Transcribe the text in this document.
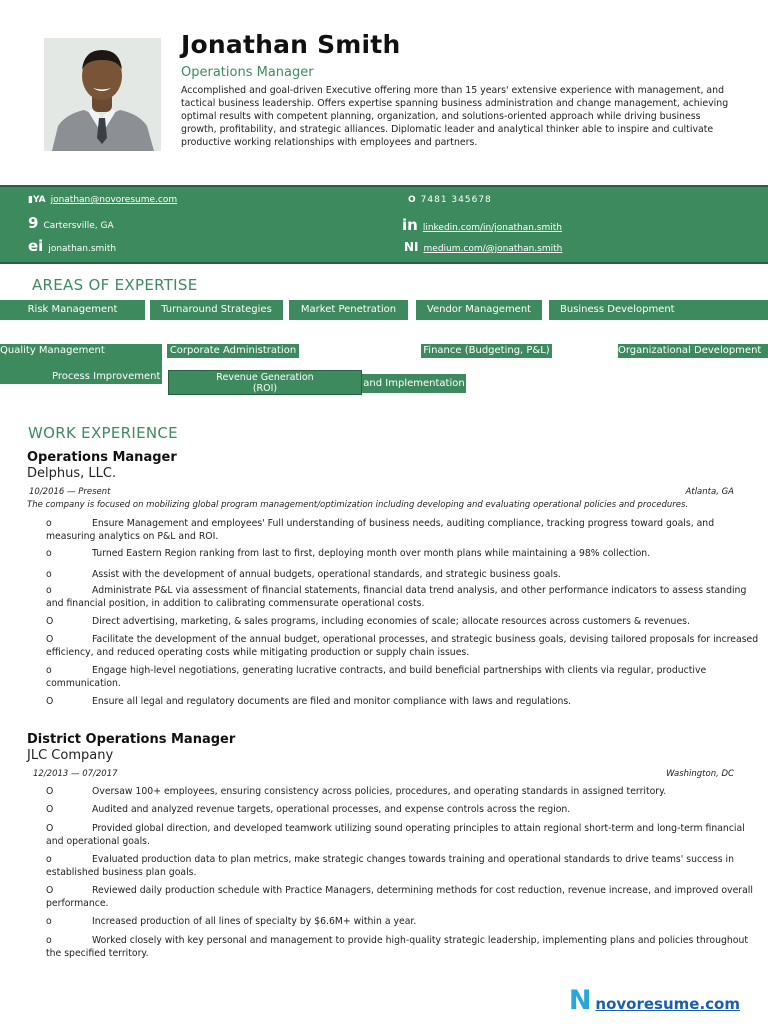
Jonathan Smith
Operations Manager
Accomplished and goal-driven Executive offering more than 15 years' extensive experience with management, and tactical business leadership. Offers expertise spanning business administration and change management, achieving optimal results with competent planning, organization, and solutions-oriented approach while driving business growth, profitability, and strategic alliances. Diplomatic leader and analytical thinker able to inspire and cultivate productive working relationships with employees and partners.
▮YA jonathan@novoresume.com	O 7481 345678
9 Cartersville, GA	in linkedin.com/in/jonathan.smith
ei jonathan.smith	NI medium.com/@jonathan.smith
AREAS OF EXPERTISE
Risk Management	Turnaround Strategies	Market Penetration	Vendor Management	Business Development
Quality Management	Corporate Administration	Finance (Budgeting, P&L)	Organizational Development
Process Improvement	Revenue Generation
(ROI)	and Implementation
WORK EXPERIENCE
Operations Manager
Delphus, LLC.
10/2016 — Present	Atlanta, GA
The company is focused on mobilizing global program management/optimization including developing and evaluating operational policies and procedures.
o	Ensure Management and employees' Full understanding of business needs, auditing compliance, tracking progress toward goals, and measuring analytics on P&L and ROI.
o	Turned Eastern Region ranking from last to first, deploying month over month plans while maintaining a 98% collection.
o	Assist with the development of annual budgets, operational standards, and strategic business goals.
o	Administrate P&L via assessment of financial statements, financial data trend analysis, and other performance indicators to assess standing and financial position, in addition to calibrating commensurate operational costs.
O	Direct advertising, marketing, & sales programs, including economies of scale; allocate resources across customers & revenues.
O	Facilitate the development of the annual budget, operational processes, and strategic business goals, devising tailored proposals for increased efficiency, and reduced operating costs while mitigating production or supply chain issues.
o	Engage high-level negotiations, generating lucrative contracts, and build beneficial partnerships with clients via regular, productive communication.
O	Ensure all legal and regulatory documents are filed and monitor compliance with laws and regulations.
District Operations Manager
JLC Company
12/2013 — 07/2017	Washington, DC
O	Oversaw 100+ employees, ensuring consistency across policies, procedures, and operating standards in assigned territory.
O	Audited and analyzed revenue targets, operational processes, and expense controls across the region.
O	Provided global direction, and developed teamwork utilizing sound operating principles to attain regional short-term and long-term financial and operational goals.
o	Evaluated production data to plan metrics, make strategic changes towards training and operational standards to drive teams' success in established business plan goals.
O	Reviewed daily production schedule with Practice Managers, determining methods for cost reduction, revenue increase, and improved overall performance.
o	Increased production of all lines of specialty by $6.6M+ within a year.
o	Worked closely with key personal and management to provide high-quality strategic leadership, implementing plans and policies throughout the specified territory.
N novoresume.com
